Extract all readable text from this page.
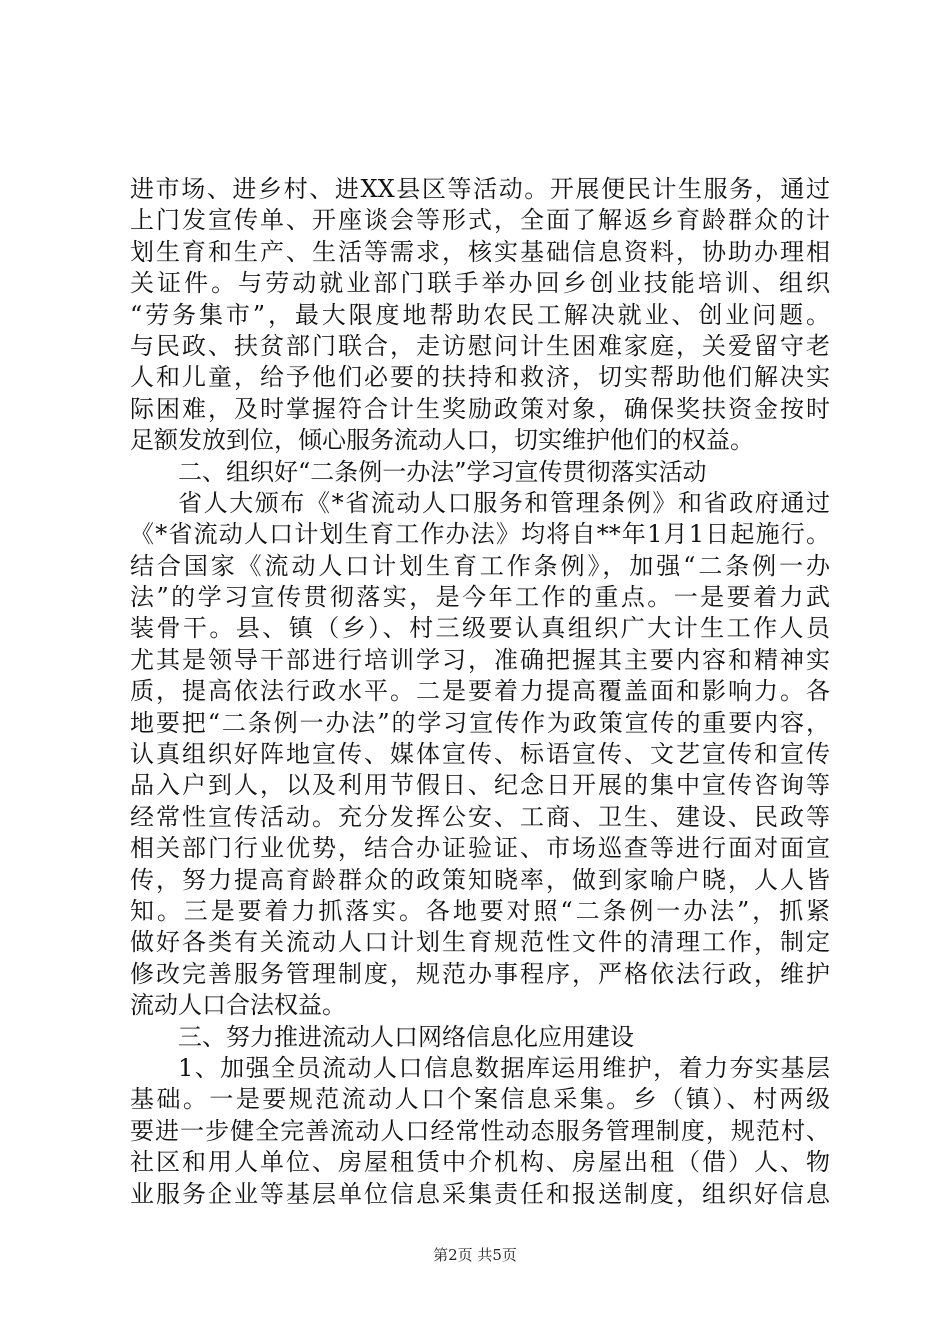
进市场、进乡村、进XX县区等活动。开展便民计生服务，通过
上门发宣传单、开座谈会等形式，全面了解返乡育龄群众的计
划生育和生产、生活等需求，核实基础信息资料，协助办理相
关证件。与劳动就业部门联手举办回乡创业技能培训、组织
“劳务集市”，最大限度地帮助农民工解决就业、创业问题。
与民政、扶贫部门联合，走访慰问计生困难家庭，关爱留守老
人和儿童，给予他们必要的扶持和救济，切实帮助他们解决实
际困难，及时掌握符合计生奖励政策对象，确保奖扶资金按时
足额发放到位，倾心服务流动人口，切实维护他们的权益。
二、组织好“二条例一办法”学习宣传贯彻落实活动
省人大颁布《*省流动人口服务和管理条例》和省政府通过
《*省流动人口计划生育工作办法》均将自**年1月1日起施行。
结合国家《流动人口计划生育工作条例》，加强“二条例一办
法”的学习宣传贯彻落实，是今年工作的重点。一是要着力武
装骨干。县、镇（乡）、村三级要认真组织广大计生工作人员
尤其是领导干部进行培训学习，准确把握其主要内容和精神实
质，提高依法行政水平。二是要着力提高覆盖面和影响力。各
地要把“二条例一办法”的学习宣传作为政策宣传的重要内容，
认真组织好阵地宣传、媒体宣传、标语宣传、文艺宣传和宣传
品入户到人，以及利用节假日、纪念日开展的集中宣传咨询等
经常性宣传活动。充分发挥公安、工商、卫生、建设、民政等
相关部门行业优势，结合办证验证、市场巡查等进行面对面宣
传，努力提高育龄群众的政策知晓率，做到家喻户晓，人人皆
知。三是要着力抓落实。各地要对照“二条例一办法”，抓紧
做好各类有关流动人口计划生育规范性文件的清理工作，制定
修改完善服务管理制度，规范办事程序，严格依法行政，维护
流动人口合法权益。
三、努力推进流动人口网络信息化应用建设
1、加强全员流动人口信息数据库运用维护，着力夯实基层
基础。一是要规范流动人口个案信息采集。乡（镇）、村两级
要进一步健全完善流动人口经常性动态服务管理制度，规范村、
社区和用人单位、房屋租赁中介机构、房屋出租（借）人、物
业服务企业等基层单位信息采集责任和报送制度，组织好信息
第2页 共5页
